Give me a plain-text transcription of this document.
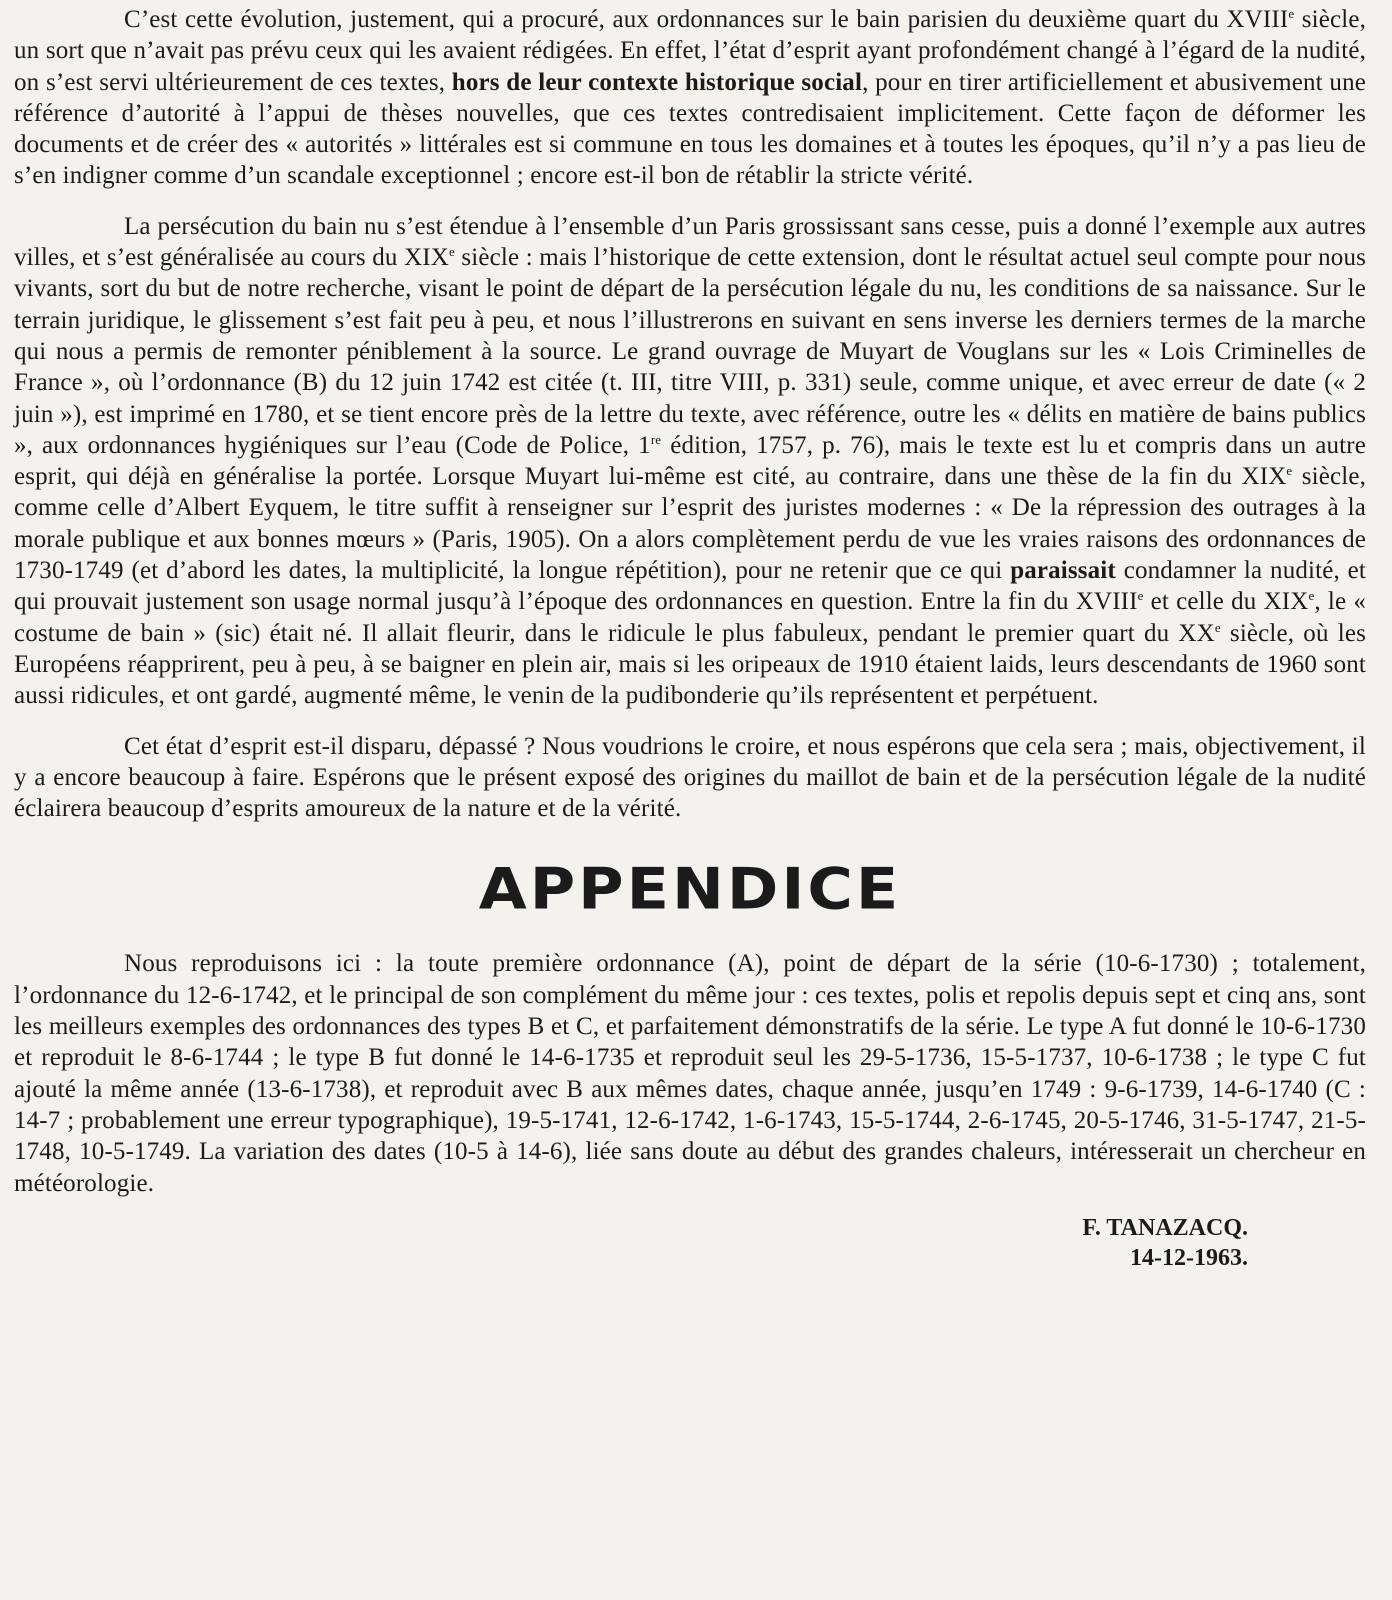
C’est cette évolution, justement, qui a procuré, aux ordonnances sur le bain parisien du deuxième quart du XVIIIe siècle, un sort que n’avait pas prévu ceux qui les avaient rédigées. En effet, l’état d’esprit ayant profondément changé à l’égard de la nudité, on s’est servi ultérieurement de ces textes, hors de leur contexte historique social, pour en tirer artificiellement et abusivement une référence d’autorité à l’appui de thèses nouvelles, que ces textes contredisaient implicitement. Cette façon de déformer les documents et de créer des « autorités » littérales est si commune en tous les domaines et à toutes les époques, qu’il n’y a pas lieu de s’en indigner comme d’un scandale exceptionnel ; encore est-il bon de rétablir la stricte vérité.

La persécution du bain nu s’est étendue à l’ensemble d’un Paris grossissant sans cesse, puis a donné l’exemple aux autres villes, et s’est généralisée au cours du XIXe siècle : mais l’historique de cette extension, dont le résultat actuel seul compte pour nous vivants, sort du but de notre recherche, visant le point de départ de la persécution légale du nu, les conditions de sa naissance. Sur le terrain juridique, le glissement s’est fait peu à peu, et nous l’illustrerons en suivant en sens inverse les derniers termes de la marche qui nous a permis de remonter péniblement à la source. Le grand ouvrage de Muyart de Vouglans sur les « Lois Criminelles de France », où l’ordonnance (B) du 12 juin 1742 est citée (t. III, titre VIII, p. 331) seule, comme unique, et avec erreur de date (« 2 juin »), est imprimé en 1780, et se tient encore près de la lettre du texte, avec référence, outre les « délits en matière de bains publics », aux ordonnances hygiéniques sur l’eau (Code de Police, 1re édition, 1757, p. 76), mais le texte est lu et compris dans un autre esprit, qui déjà en généralise la portée. Lorsque Muyart lui-même est cité, au contraire, dans une thèse de la fin du XIXe siècle, comme celle d’Albert Eyquem, le titre suffit à renseigner sur l’esprit des juristes modernes : « De la répression des outrages à la morale publique et aux bonnes mœurs » (Paris, 1905). On a alors complètement perdu de vue les vraies raisons des ordonnances de 1730-1749 (et d’abord les dates, la multiplicité, la longue répétition), pour ne retenir que ce qui paraissait condamner la nudité, et qui prouvait justement son usage normal jusqu’à l’époque des ordonnances en question. Entre la fin du XVIIIe et celle du XIXe, le « costume de bain » (sic) était né. Il allait fleurir, dans le ridicule le plus fabuleux, pendant le premier quart du XXe siècle, où les Européens réapprirent, peu à peu, à se baigner en plein air, mais si les oripeaux de 1910 étaient laids, leurs descendants de 1960 sont aussi ridicules, et ont gardé, augmenté même, le venin de la pudibonderie qu’ils représentent et perpétuent.

Cet état d’esprit est-il disparu, dépassé ? Nous voudrions le croire, et nous espérons que cela sera ; mais, objectivement, il y a encore beaucoup à faire. Espérons que le présent exposé des origines du maillot de bain et de la persécution légale de la nudité éclairera beaucoup d’esprits amoureux de la nature et de la vérité.

APPENDICE

Nous reproduisons ici : la toute première ordonnance (A), point de départ de la série (10-6-1730) ; totalement, l’ordonnance du 12-6-1742, et le principal de son complément du même jour : ces textes, polis et repolis depuis sept et cinq ans, sont les meilleurs exemples des ordonnances des types B et C, et parfaitement démonstratifs de la série. Le type A fut donné le 10-6-1730 et reproduit le 8-6-1744 ; le type B fut donné le 14-6-1735 et reproduit seul les 29-5-1736, 15-5-1737, 10-6-1738 ; le type C fut ajouté la même année (13-6-1738), et reproduit avec B aux mêmes dates, chaque année, jusqu’en 1749 : 9-6-1739, 14-6-1740 (C : 14-7 ; probablement une erreur typographique), 19-5-1741, 12-6-1742, 1-6-1743, 15-5-1744, 2-6-1745, 20-5-1746, 31-5-1747, 21-5-1748, 10-5-1749. La variation des dates (10-5 à 14-6), liée sans doute au début des grandes chaleurs, intéresserait un chercheur en météorologie.

F. TANAZACQ.
14-12-1963.
